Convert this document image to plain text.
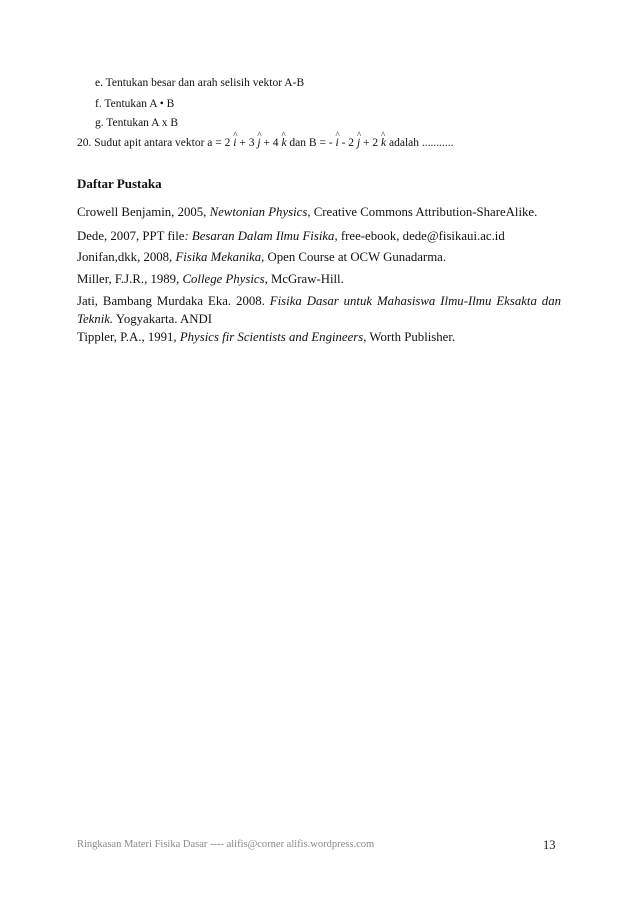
e. Tentukan besar dan arah selisih vektor A-B
f. Tentukan A • B
g. Tentukan A x B
20. Sudut apit antara vektor a = 2 ^ i + 3 ^ j + 4 ^ k dan B = - ^ i - 2 ^ j + 2 ^ k adalah ...........
Daftar Pustaka
Crowell Benjamin, 2005, Newtonian Physics, Creative Commons Attribution-ShareAlike.
Dede, 2007, PPT file: Besaran Dalam Ilmu Fisika, free-ebook, dede@fisikaui.ac.id
Jonifan,dkk, 2008, Fisika Mekanika, Open Course at OCW Gunadarma.
Miller, F.J.R., 1989, College Physics, McGraw-Hill.
Jati, Bambang Murdaka Eka. 2008. Fisika Dasar untuk Mahasiswa Ilmu-Ilmu Eksakta dan
Teknik. Yogyakarta. ANDI
Tippler, P.A., 1991, Physics fir Scientists and Engineers, Worth Publisher.
Ringkasan Materi Fisika Dasar ---- alifis@corner alifis.wordpress.com	13
